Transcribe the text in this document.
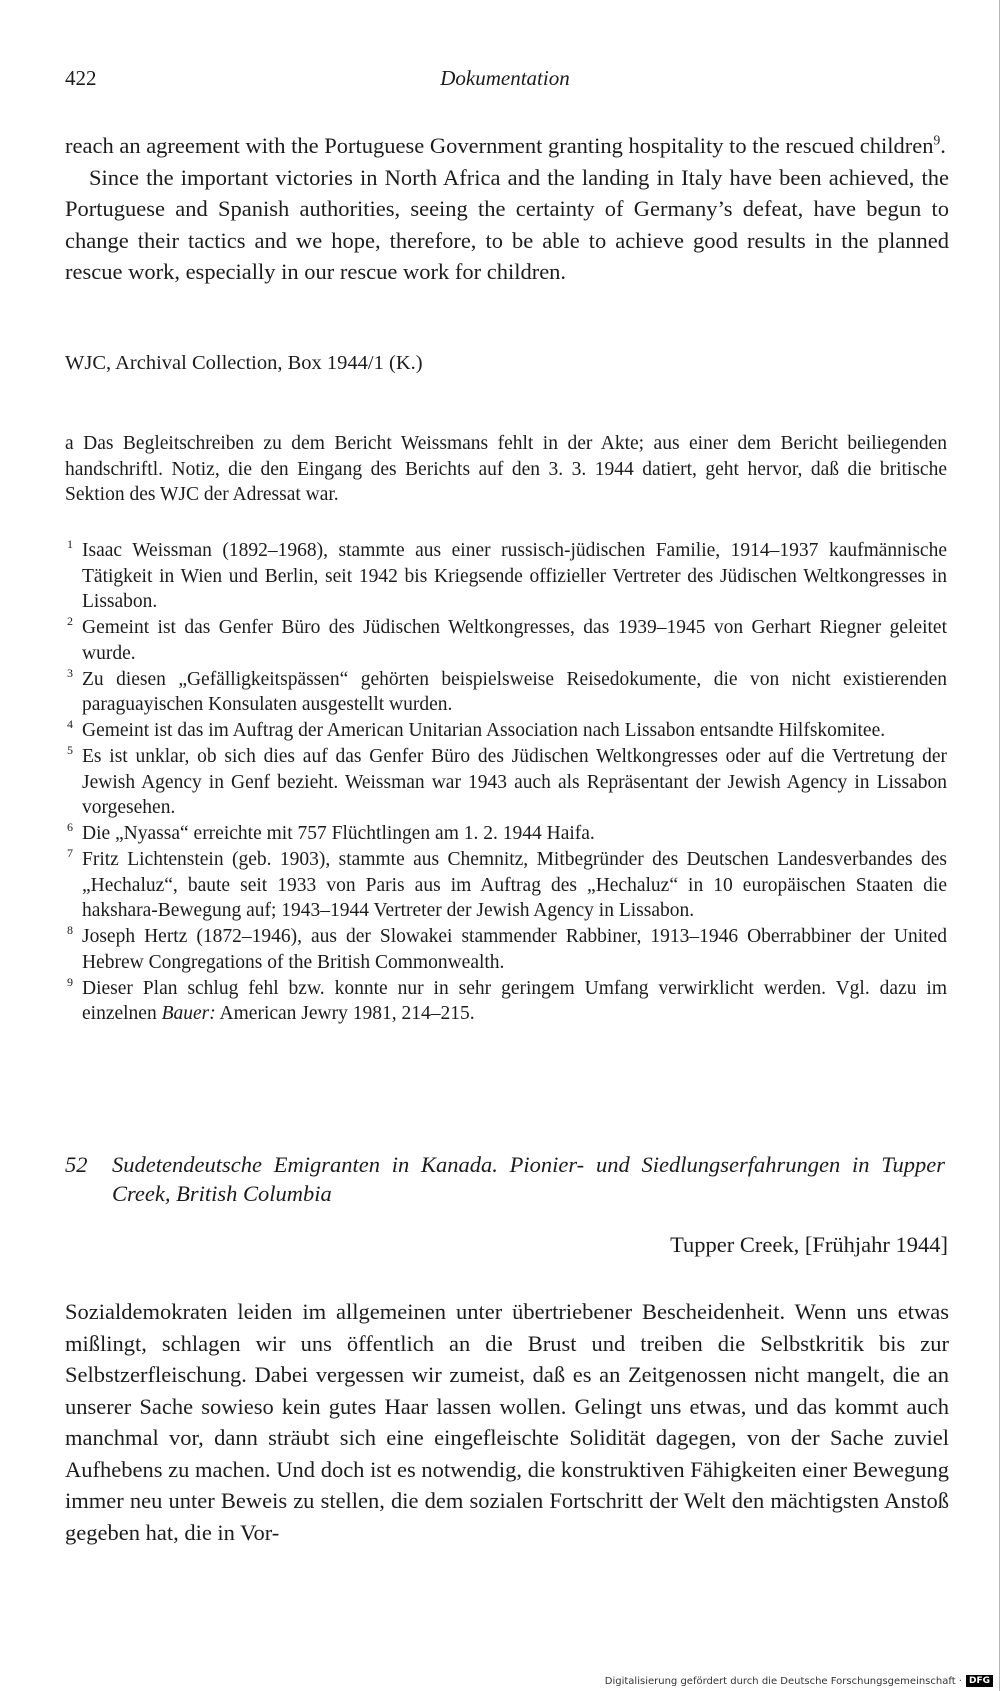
422	Dokumentation

reach an agreement with the Portuguese Government granting hospitality to the rescued children$^9$.

Since the important victories in North Africa and the landing in Italy have been achieved, the Portuguese and Spanish authorities, seeing the certainty of Germany’s defeat, have begun to change their tactics and we hope, therefore, to be able to achieve good results in the planned rescue work, especially in our rescue work for children.

WJC, Archival Collection, Box 1944/1 (K.)
a Das Begleitschreiben zu dem Bericht Weissmans fehlt in der Akte; aus einer dem Bericht beiliegenden handschriftl. Notiz, die den Eingang des Berichts auf den 3. 3. 1944 datiert, geht hervor, daß die britische Sektion des WJC der Adressat war.
1 Isaac Weissman (1892–1968), stammte aus einer russisch-jüdischen Familie, 1914–1937 kaufmännische Tätigkeit in Wien und Berlin, seit 1942 bis Kriegsende offizieller Vertreter des Jüdischen Weltkongresses in Lissabon.
2 Gemeint ist das Genfer Büro des Jüdischen Weltkongresses, das 1939–1945 von Gerhart Riegner geleitet wurde.
3 Zu diesen „Gefälligkeitspässen“ gehörten beispielsweise Reisedokumente, die von nicht existierenden paraguayischen Konsulaten ausgestellt wurden.
4 Gemeint ist das im Auftrag der American Unitarian Association nach Lissabon entsandte Hilfskomitee.
5 Es ist unklar, ob sich dies auf das Genfer Büro des Jüdischen Weltkongresses oder auf die Vertretung der Jewish Agency in Genf bezieht. Weissman war 1943 auch als Repräsentant der Jewish Agency in Lissabon vorgesehen.
6 Die „Nyassa“ erreichte mit 757 Flüchtlingen am 1. 2. 1944 Haifa.
7 Fritz Lichtenstein (geb. 1903), stammte aus Chemnitz, Mitbegründer des Deutschen Landesverbandes des „Hechaluz“, baute seit 1933 von Paris aus im Auftrag des „Hechaluz“ in 10 europäischen Staaten die hakshara-Bewegung auf; 1943–1944 Vertreter der Jewish Agency in Lissabon.
8 Joseph Hertz (1872–1946), aus der Slowakei stammender Rabbiner, 1913–1946 Oberrabbiner der United Hebrew Congregations of the British Commonwealth.
9 Dieser Plan schlug fehl bzw. konnte nur in sehr geringem Umfang verwirklicht werden. Vgl. dazu im einzelnen Bauer: American Jewry 1981, 214–215.
52 Sudetendeutsche Emigranten in Kanada. Pionier- und Siedlungserfahrungen in Tupper Creek, British Columbia
Tupper Creek, [Frühjahr 1944]

Sozialdemokraten leiden im allgemeinen unter übertriebener Bescheidenheit. Wenn uns etwas mißlingt, schlagen wir uns öffentlich an die Brust und treiben die Selbstkritik bis zur Selbstzerfleischung. Dabei vergessen wir zumeist, daß es an Zeitgenossen nicht mangelt, die an unserer Sache sowieso kein gutes Haar lassen wollen. Gelingt uns etwas, und das kommt auch manchmal vor, dann sträubt sich eine eingefleischte Solidität dagegen, von der Sache zuviel Aufhebens zu machen. Und doch ist es notwendig, die konstruktiven Fähigkeiten einer Bewegung immer neu unter Beweis zu stellen, die dem sozialen Fortschritt der Welt den mächtigsten Anstoß gegeben hat, die in Vor-

Digitalisierung gefördert durch die Deutsche Forschungsgemeinschaft · DFG
